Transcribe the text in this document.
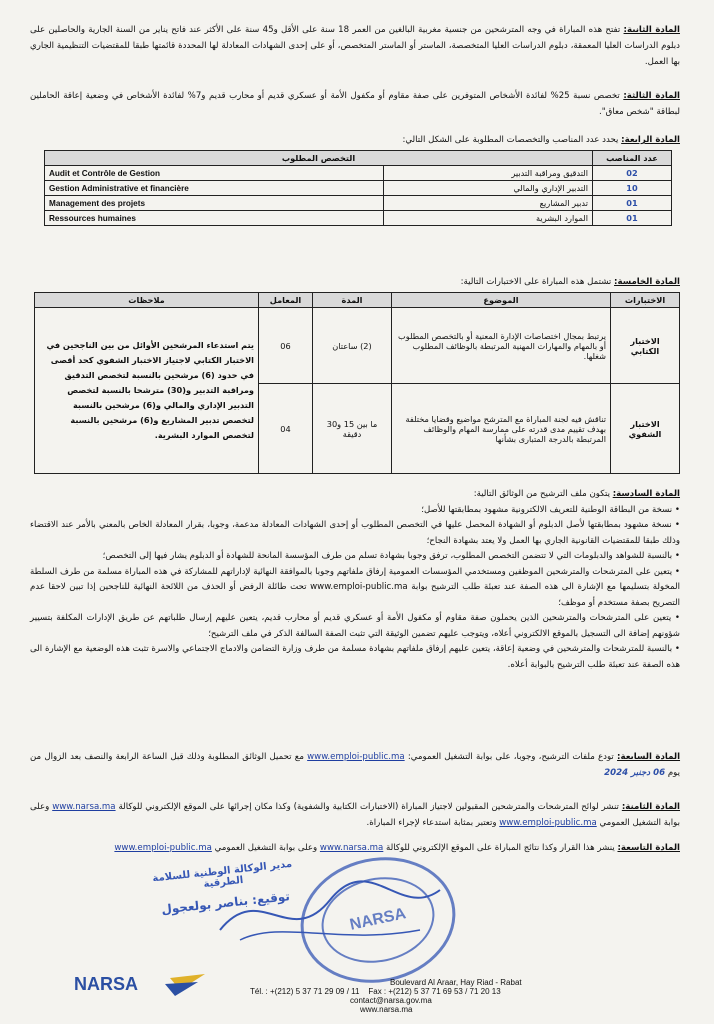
المادة الثانية: تفتح هذه المباراة في وجه المترشحين من جنسية مغربية البالغين من العمر 18 سنة على الأقل و45 سنة على الأكثر عند فاتح يناير من السنة الجارية والحاصلين على دبلوم الدراسات العليا المعمقة، دبلوم الدراسات العليا المتخصصة، الماستر أو الماستر المتخصص، أو على إحدى الشهادات المعادلة لها المحددة قائمتها طبقا للمقتضيات التنظيمية الجاري بها العمل.
المادة الثالثة: تخصص نسبة 25% لفائدة الأشخاص المتوفرين على صفة مقاوم أو مكفول الأمة أو عسكري قديم أو محارب قديم و7% لفائدة الأشخاص في وضعية إعاقة الحاملين لبطاقة "شخص معاق".
المادة الرابعة: يحدد عدد المناصب والتخصصات المطلوبة على الشكل التالي:
عدد المناصب	التخصص المطلوب	
02	التدقيق ومراقبة التدبير	Audit et Contrôle de Gestion
10	التدبير الإداري والمالي	Gestion Administrative et financière
01	تدبير المشاريع	Management des projets
01	الموارد البشرية	Ressources humaines
المادة الخامسة: تشتمل هذه المباراة على الاختبارات التالية:
الاختبارات	الموضوع	المدة	المعامل	ملاحظات
الاختبار الكتابي	يرتبط بمجال اختصاصات الإدارة المعنية أو بالتخصص المطلوب أو بالمهام والمهارات المهنية المرتبطة بالوظائف المطلوب شغلها.	(2) ساعتان	06	يتم استدعاء المرشحين الأوائل من بين الناجحين في الاختبار الكتابي لاجتياز الاختبار الشفوي كحد أقصى في حدود (6) مرشحين بالنسبة لتخصص التدقيق ومراقبة التدبير و(30) مترشحا بالنسبة لتخصص التدبير الإداري والمالي و(6) مرشحين بالنسبة لتخصص تدبير المشاريع و(6) مرشحين بالنسبة لتخصص الموارد البشرية.
الاختبار الشفوي	تناقش فيه لجنة المباراة مع المترشح مواضيع وقضايا مختلفة بهدف تقييم مدى قدرته على ممارسة المهام والوظائف المرتبطة بالدرجة المتبارى بشأنها	ما بين 15 و30 دقيقة	04	
المادة السادسة: يتكون ملف الترشيح من الوثائق التالية:
• نسخة من البطاقة الوطنية للتعريف الالكترونية مشهود بمطابقتها للأصل؛
• نسخة مشهود بمطابقتها لأصل الدبلوم أو الشهادة المحصل عليها في التخصص المطلوب أو إحدى الشهادات المعادلة مدعمة، وجوبا، بقرار المعادلة الخاص بالمعني بالأمر عند الاقتضاء وذلك طبقا للمقتضيات القانونية الجاري بها العمل ولا يعتد بشهادة النجاح؛
• بالنسبة للشواهد والدبلومات التي لا تتضمن التخصص المطلوب، ترفق وجوبا بشهادة تسلم من طرف المؤسسة المانحة للشهادة أو الدبلوم يشار فيها إلى التخصص؛
• يتعين على المترشحات والمترشحين الموظفين ومستخدمي المؤسسات العمومية إرفاق ملفاتهم وجوبا بالموافقة النهائية لإداراتهم للمشاركة في هذه المباراة مسلمة من طرف السلطة المخولة بتسليمها مع الإشارة الى هذه الصفة عند تعبئة طلب الترشيح بوابة www.emploi-public.ma تحت طائلة الرفض أو الحذف من اللائحة النهائية للناجحين إذا تبين لاحقا عدم التصريح بصفة مستخدم أو موظف؛
• يتعين على المترشحات والمترشحين الذين يحملون صفة مقاوم أو مكفول الأمة أو عسكري قديم أو محارب قديم، يتعين عليهم إرسال طلباتهم عن طريق الإدارات المكلفة بتسيير شؤونهم إضافة الى التسجيل بالموقع الالكتروني أعلاه، ويتوجب عليهم تضمين الوثيقة التي تثبت الصفة السالفة الذكر في ملف الترشيح؛
• بالنسبة للمترشحات والمترشحين في وضعية إعاقة، يتعين عليهم إرفاق ملفاتهم بشهادة مسلمة من طرف وزارة التضامن والادماج الاجتماعي والاسرة تثبت هذه الوضعية مع الإشارة الى هذه الصفة عند تعبئة طلب الترشيح بالبوابة أعلاه.
المادة السابعة: تودع ملفات الترشيح، وجوبا، على بوابة التشغيل العمومي: www.emploi-public.ma مع تحميل الوثائق المطلوبة وذلك قبل الساعة الرابعة والنصف بعد الزوال من يوم 06 دجنبر 2024
المادة الثامنة: تنشر لوائح المترشحات والمترشحين المقبولين لاجتياز المباراة (الاختبارات الكتابية والشفوية) وكذا مكان إجرائها على الموقع الإلكتروني للوكالة www.narsa.ma وعلى بوابة التشغيل العمومي www.emploi-public.ma وتعتبر بمثابة استدعاء لإجراء المباراة.
المادة التاسعة: ينشر هذا القرار وكذا نتائج المباراة على الموقع الإلكتروني للوكالة www.narsa.ma وعلى بوابة التشغيل العمومي www.emploi-public.ma
مدير الوكالة الوطنية للسلامة الطرقية
توقيع: بناصر بولعجول
NARSA
NARSA	Boulevard Al Araar, Hay Riad - Rabat
Tél. : +(212) 5 37 71 29 09 / 11 Fax : +(212) 5 37 71 69 53 / 71 20 13
contact@narsa.gov.ma
www.narsa.ma
